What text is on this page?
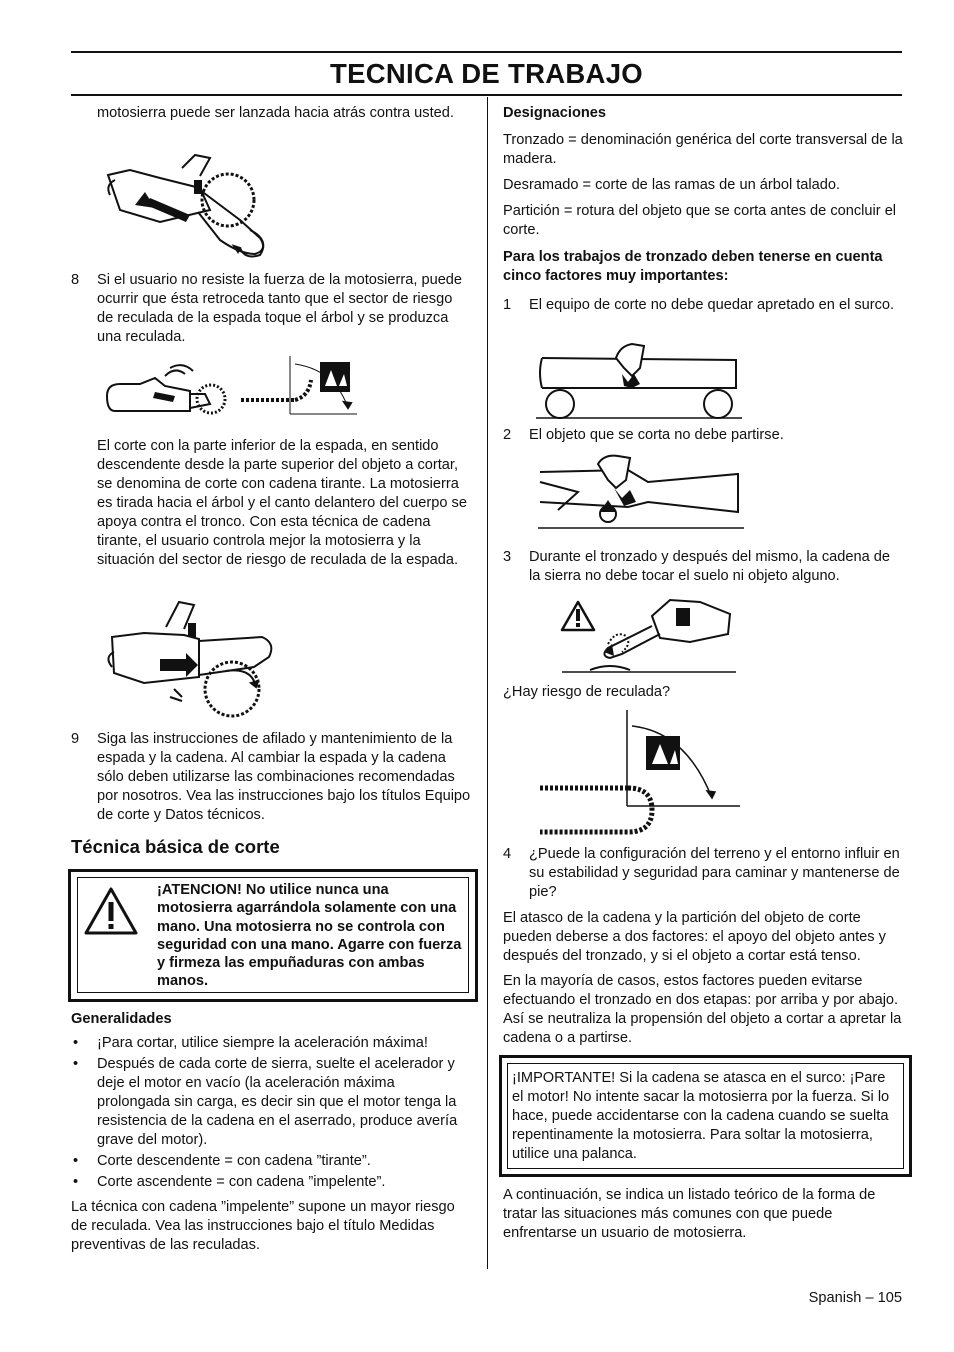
TECNICA DE TRABAJO

motosierra puede ser lanzada hacia atrás contra usted.

8 Si el usuario no resiste la fuerza de la motosierra, puede ocurrir que ésta retroceda tanto que el sector de riesgo de reculada de la espada toque el árbol y se produzca una reculada.

El corte con la parte inferior de la espada, en sentido descendente desde la parte superior del objeto a cortar, se denomina de corte con cadena tirante. La motosierra es tirada hacia el árbol y el canto delantero del cuerpo se apoya contra el tronco. Con esta técnica de cadena tirante, el usuario controla mejor la motosierra y la situación del sector de riesgo de reculada de la espada.

9 Siga las instrucciones de afilado y mantenimiento de la espada y la cadena. Al cambiar la espada y la cadena sólo deben utilizarse las combinaciones recomendadas por nosotros. Vea las instrucciones bajo los títulos Equipo de corte y Datos técnicos.

Técnica básica de corte
¡ATENCION! No utilice nunca una motosierra agarrándola solamente con una mano. Una motosierra no se controla con seguridad con una mano. Agarre con fuerza y firmeza las empuñaduras con ambas manos.

Generalidades

• ¡Para cortar, utilice siempre la aceleración máxima!
• Después de cada corte de sierra, suelte el acelerador y deje el motor en vacío (la aceleración máxima prolongada sin carga, es decir sin que el motor tenga la resistencia de la cadena en el aserrado, produce avería grave del motor).
• Corte descendente = con cadena ”tirante”.
• Corte ascendente = con cadena ”impelente”.

La técnica con cadena ”impelente” supone un mayor riesgo de reculada. Vea las instrucciones bajo el título Medidas preventivas de las reculadas.

Designaciones

Tronzado = denominación genérica del corte transversal de la madera.

Desramado = corte de las ramas de un árbol talado.

Partición = rotura del objeto que se corta antes de concluir el corte.

Para los trabajos de tronzado deben tenerse en cuenta cinco factores muy importantes:

1 El equipo de corte no debe quedar apretado en el surco.

2 El objeto que se corta no debe partirse.

3 Durante el tronzado y después del mismo, la cadena de la sierra no debe tocar el suelo ni objeto alguno.

¿Hay riesgo de reculada?

4 ¿Puede la configuración del terreno y el entorno influir en su estabilidad y seguridad para caminar y mantenerse de pie?

El atasco de la cadena y la partición del objeto de corte pueden deberse a dos factores: el apoyo del objeto antes y después del tronzado, y si el objeto a cortar está tenso.

En la mayoría de casos, estos factores pueden evitarse efectuando el tronzado en dos etapas: por arriba y por abajo. Así se neutraliza la propensión del objeto a cortar a apretar la cadena o a partirse.

¡IMPORTANTE! Si la cadena se atasca en el surco: ¡Pare el motor! No intente sacar la motosierra por la fuerza. Si lo hace, puede accidentarse con la cadena cuando se suelta repentinamente la motosierra. Para soltar la motosierra, utilice una palanca.

A continuación, se indica un listado teórico de la forma de tratar las situaciones más comunes con que puede enfrentarse un usuario de motosierra.

Spanish – 105
